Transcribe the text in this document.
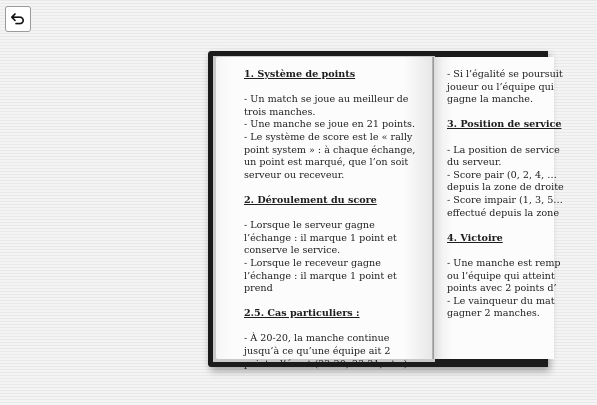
1. Système de points

- Un match se joue au meilleur de trois manches.

- Une manche se joue en 21 points.

- Le système de score est le « rally point system » : à chaque échange, un point est marqué, que l’on soit serveur ou receveur.

2. Déroulement du score

- Lorsque le serveur gagne l’échange : il marque 1 point et conserve le service.

- Lorsque le receveur gagne l’échange : il marque 1 point et prend

2.5. Cas particuliers :

- À 20-20, la manche continue jusqu’à ce qu’une équipe ait 2 points d’écart (22-20, 23-21, etc.).

- Si l’égalité se poursuit
joueur ou l’équipe qui
gagne la manche.

3. Position de service

- La position de service
du serveur.
- Score pair (0, 2, 4, …
depuis la zone de droite
- Score impair (1, 3, 5…
effectué depuis la zone

4. Victoire

- Une manche est remp
ou l’équipe qui atteint
points avec 2 points d’
- Le vainqueur du mat
gagner 2 manches.
